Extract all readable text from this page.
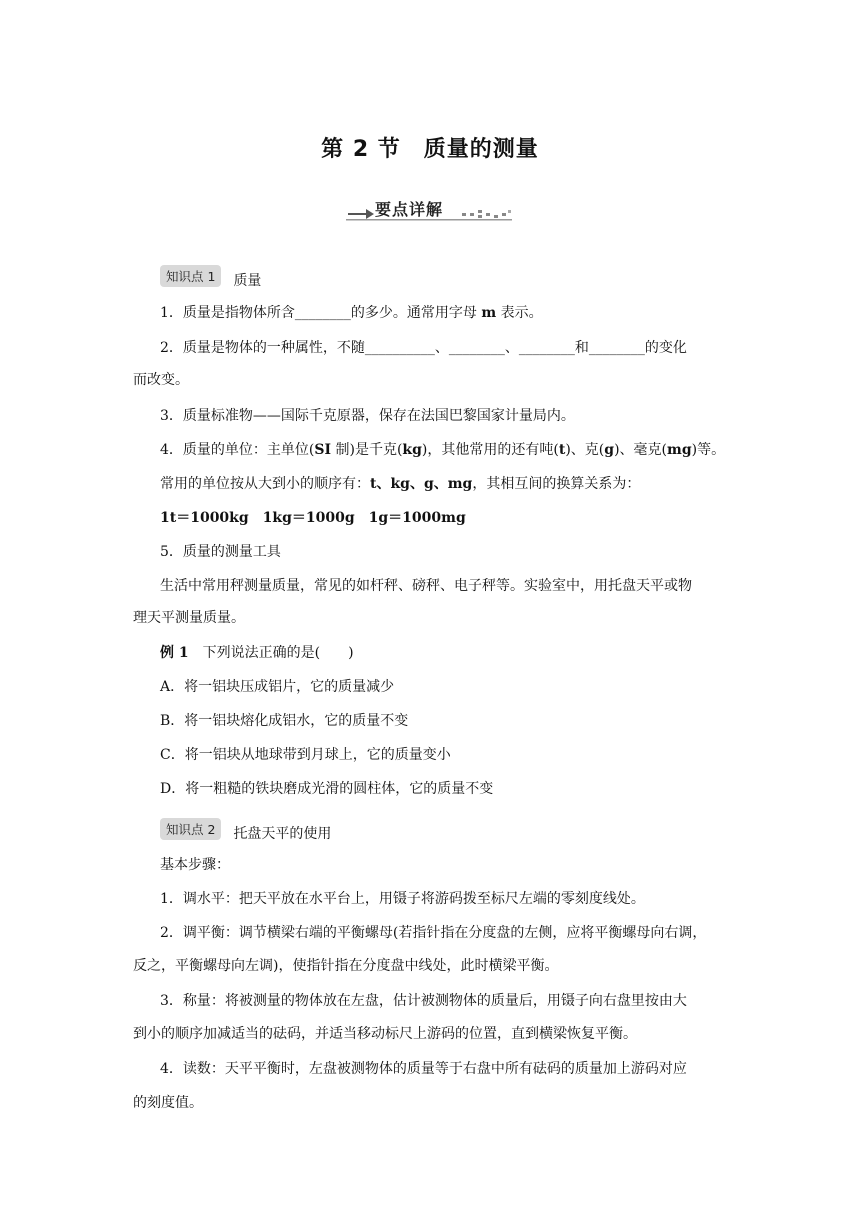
第 2 节　质量的测量
要点详解
知识点 1	质量
1．质量是指物体所含________的多少。通常用字母 m 表示。
2．质量是物体的一种属性，不随__________、________、________和________的变化
而改变。
3．质量标准物——国际千克原器，保存在法国巴黎国家计量局内。
4．质量的单位：主单位(SI 制)是千克(kg)，其他常用的还有吨(t)、克(g)、毫克(mg)等。
常用的单位按从大到小的顺序有：t、kg、g、mg，其相互间的换算关系为：
1t＝1000kg　1kg＝1000g　1g＝1000mg
5．质量的测量工具
生活中常用秤测量质量，常见的如杆秤、磅秤、电子秤等。实验室中，用托盘天平或物
理天平测量质量。
例 1　下列说法正确的是(　　)
A．将一铝块压成铝片，它的质量减少
B．将一铝块熔化成铝水，它的质量不变
C．将一铝块从地球带到月球上，它的质量变小
D．将一粗糙的铁块磨成光滑的圆柱体，它的质量不变
知识点 2	托盘天平的使用
基本步骤：
1．调水平：把天平放在水平台上，用镊子将游码拨至标尺左端的零刻度线处。
2．调平衡：调节横梁右端的平衡螺母(若指针指在分度盘的左侧，应将平衡螺母向右调，
反之，平衡螺母向左调)，使指针指在分度盘中线处，此时横梁平衡。
3．称量：将被测量的物体放在左盘，估计被测物体的质量后，用镊子向右盘里按由大
到小的顺序加减适当的砝码，并适当移动标尺上游码的位置，直到横梁恢复平衡。
4．读数：天平平衡时，左盘被测物体的质量等于右盘中所有砝码的质量加上游码对应
的刻度值。
